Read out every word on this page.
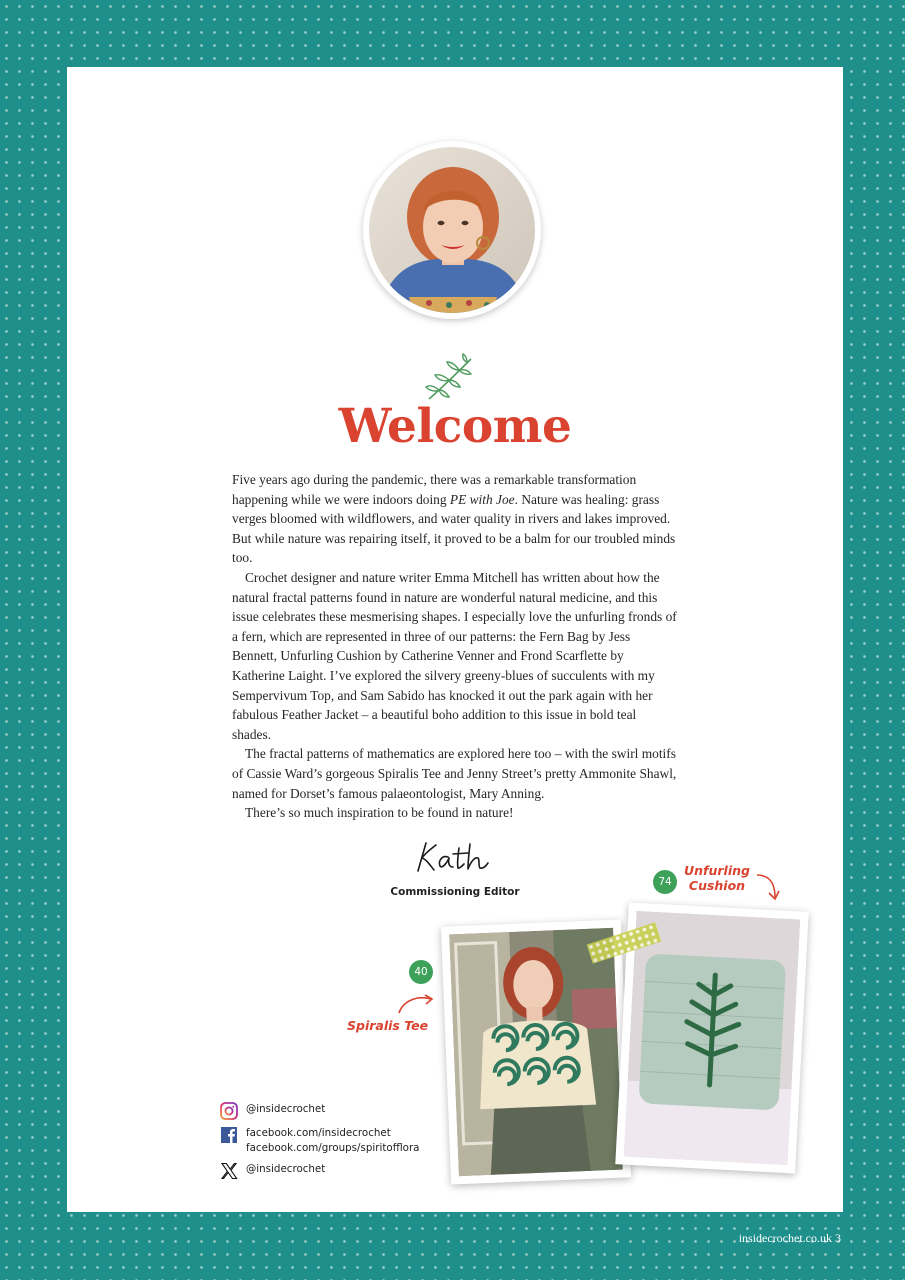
Welcome

Five years ago during the pandemic, there was a remarkable transformation happening while we were indoors doing PE with Joe. Nature was healing: grass verges bloomed with wildflowers, and water quality in rivers and lakes improved. But while nature was repairing itself, it proved to be a balm for our troubled minds too.

Crochet designer and nature writer Emma Mitchell has written about how the natural fractal patterns found in nature are wonderful natural medicine, and this issue celebrates these mesmerising shapes. I especially love the unfurling fronds of a fern, which are represented in three of our patterns: the Fern Bag by Jess Bennett, Unfurling Cushion by Catherine Venner and Frond Scarflette by Katherine Laight. I’ve explored the silvery greeny-blues of succulents with my Sempervivum Top, and Sam Sabido has knocked it out the park again with her fabulous Feather Jacket – a beautiful boho addition to this issue in bold teal shades.

The fractal patterns of mathematics are explored here too – with the swirl motifs of Cassie Ward’s gorgeous Spiralis Tee and Jenny Street’s pretty Ammonite Shawl, named for Dorset’s famous palaeontologist, Mary Anning.

There’s so much inspiration to be found in nature!

Commissioning Editor
40
Spiralis Tee
74
Unfurling
Cushion
@insidecrochet
facebook.com/insidecrochet
facebook.com/groups/spiritofflora
@insidecrochet
insidecrochet.co.uk 3
